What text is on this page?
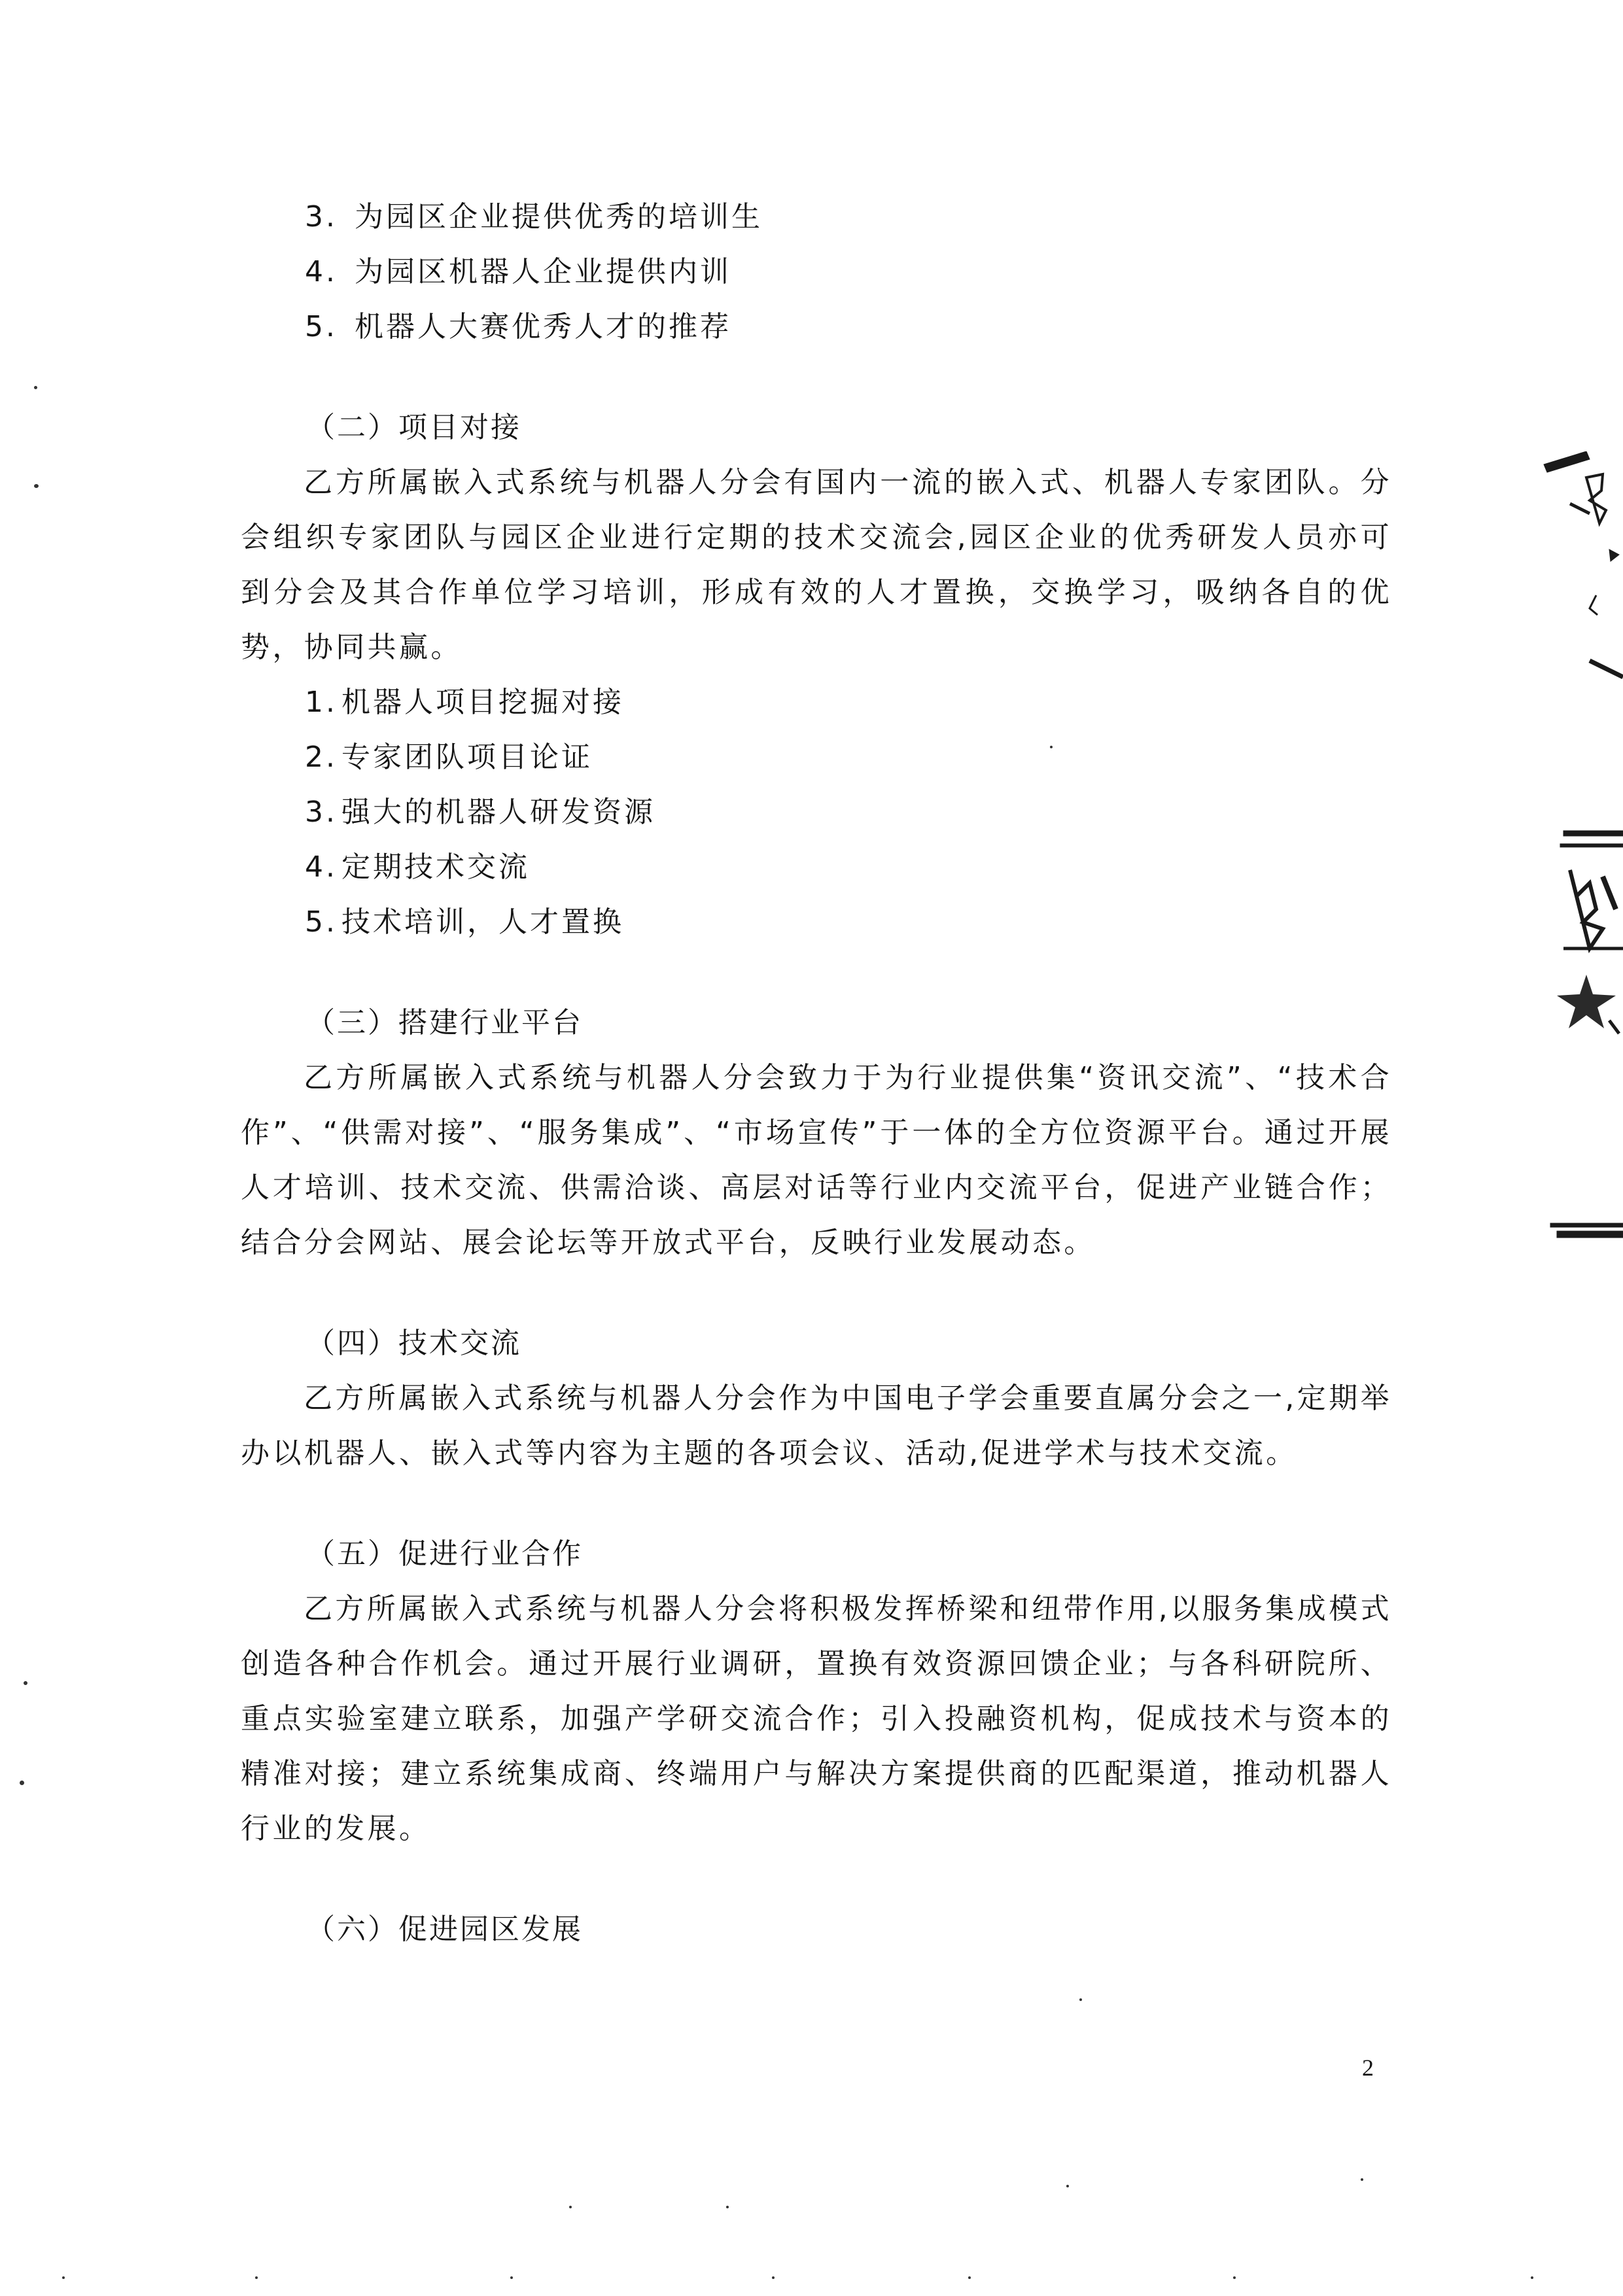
3. 为园区企业提供优秀的培训生
4. 为园区机器人企业提供内训
5. 机器人大赛优秀人才的推荐
（二）项目对接

乙方所属嵌入式系统与机器人分会有国内一流的嵌入式、机器人专家团队。分会组织专家团队与园区企业进行定期的技术交流会,园区企业的优秀研发人员亦可到分会及其合作单位学习培训，形成有效的人才置换，交换学习，吸纳各自的优势，协同共赢。

1. 机器人项目挖掘对接
2. 专家团队项目论证
3. 强大的机器人研发资源
4. 定期技术交流
5. 技术培训，人才置换
（三）搭建行业平台

乙方所属嵌入式系统与机器人分会致力于为行业提供集“资讯交流”、“技术合作”、“供需对接”、“服务集成”、“市场宣传”于一体的全方位资源平台。通过开展人才培训、技术交流、供需洽谈、高层对话等行业内交流平台，促进产业链合作；结合分会网站、展会论坛等开放式平台，反映行业发展动态。

（四）技术交流

乙方所属嵌入式系统与机器人分会作为中国电子学会重要直属分会之一,定期举办以机器人、嵌入式等内容为主题的各项会议、活动,促进学术与技术交流。

（五）促进行业合作

乙方所属嵌入式系统与机器人分会将积极发挥桥梁和纽带作用,以服务集成模式创造各种合作机会。通过开展行业调研，置换有效资源回馈企业；与各科研院所、重点实验室建立联系，加强产学研交流合作；引入投融资机构，促成技术与资本的精准对接；建立系统集成商、终端用户与解决方案提供商的匹配渠道，推动机器人行业的发展。

（六）促进园区发展
2
